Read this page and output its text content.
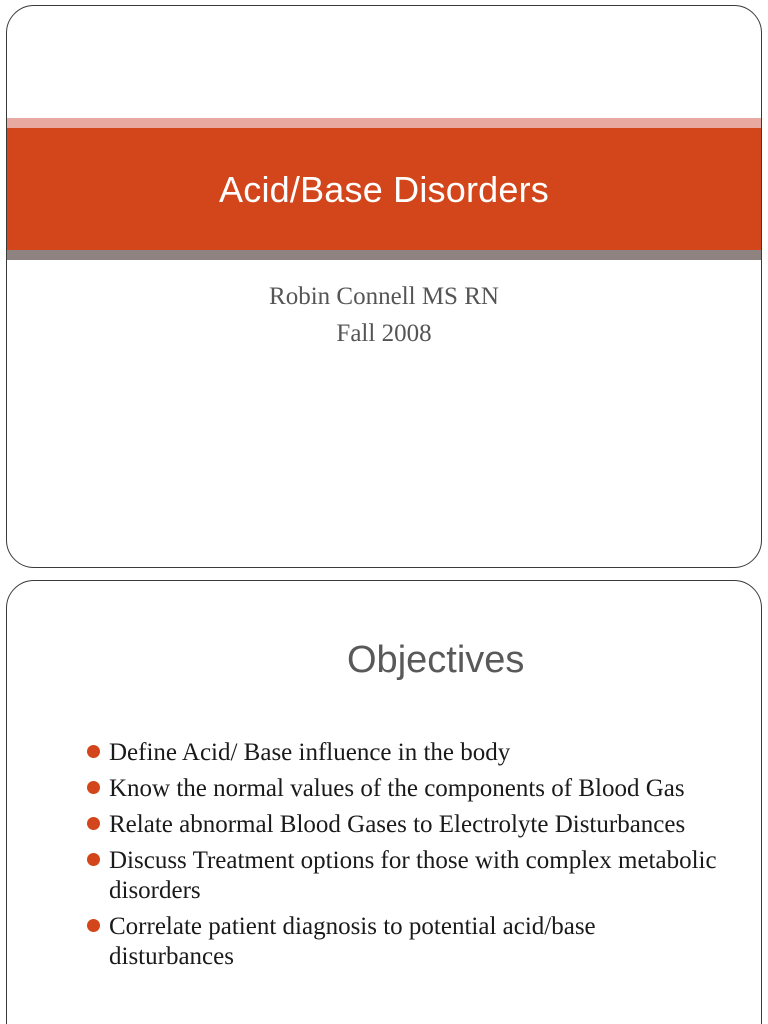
Acid/Base Disorders
Robin Connell MS RN
Fall 2008
Objectives
Define Acid/ Base influence in the body
Know the normal values of the components of Blood Gas
Relate abnormal Blood Gases to Electrolyte Disturbances
Discuss Treatment options for those with complex metabolic disorders
Correlate patient diagnosis to potential acid/base disturbances
